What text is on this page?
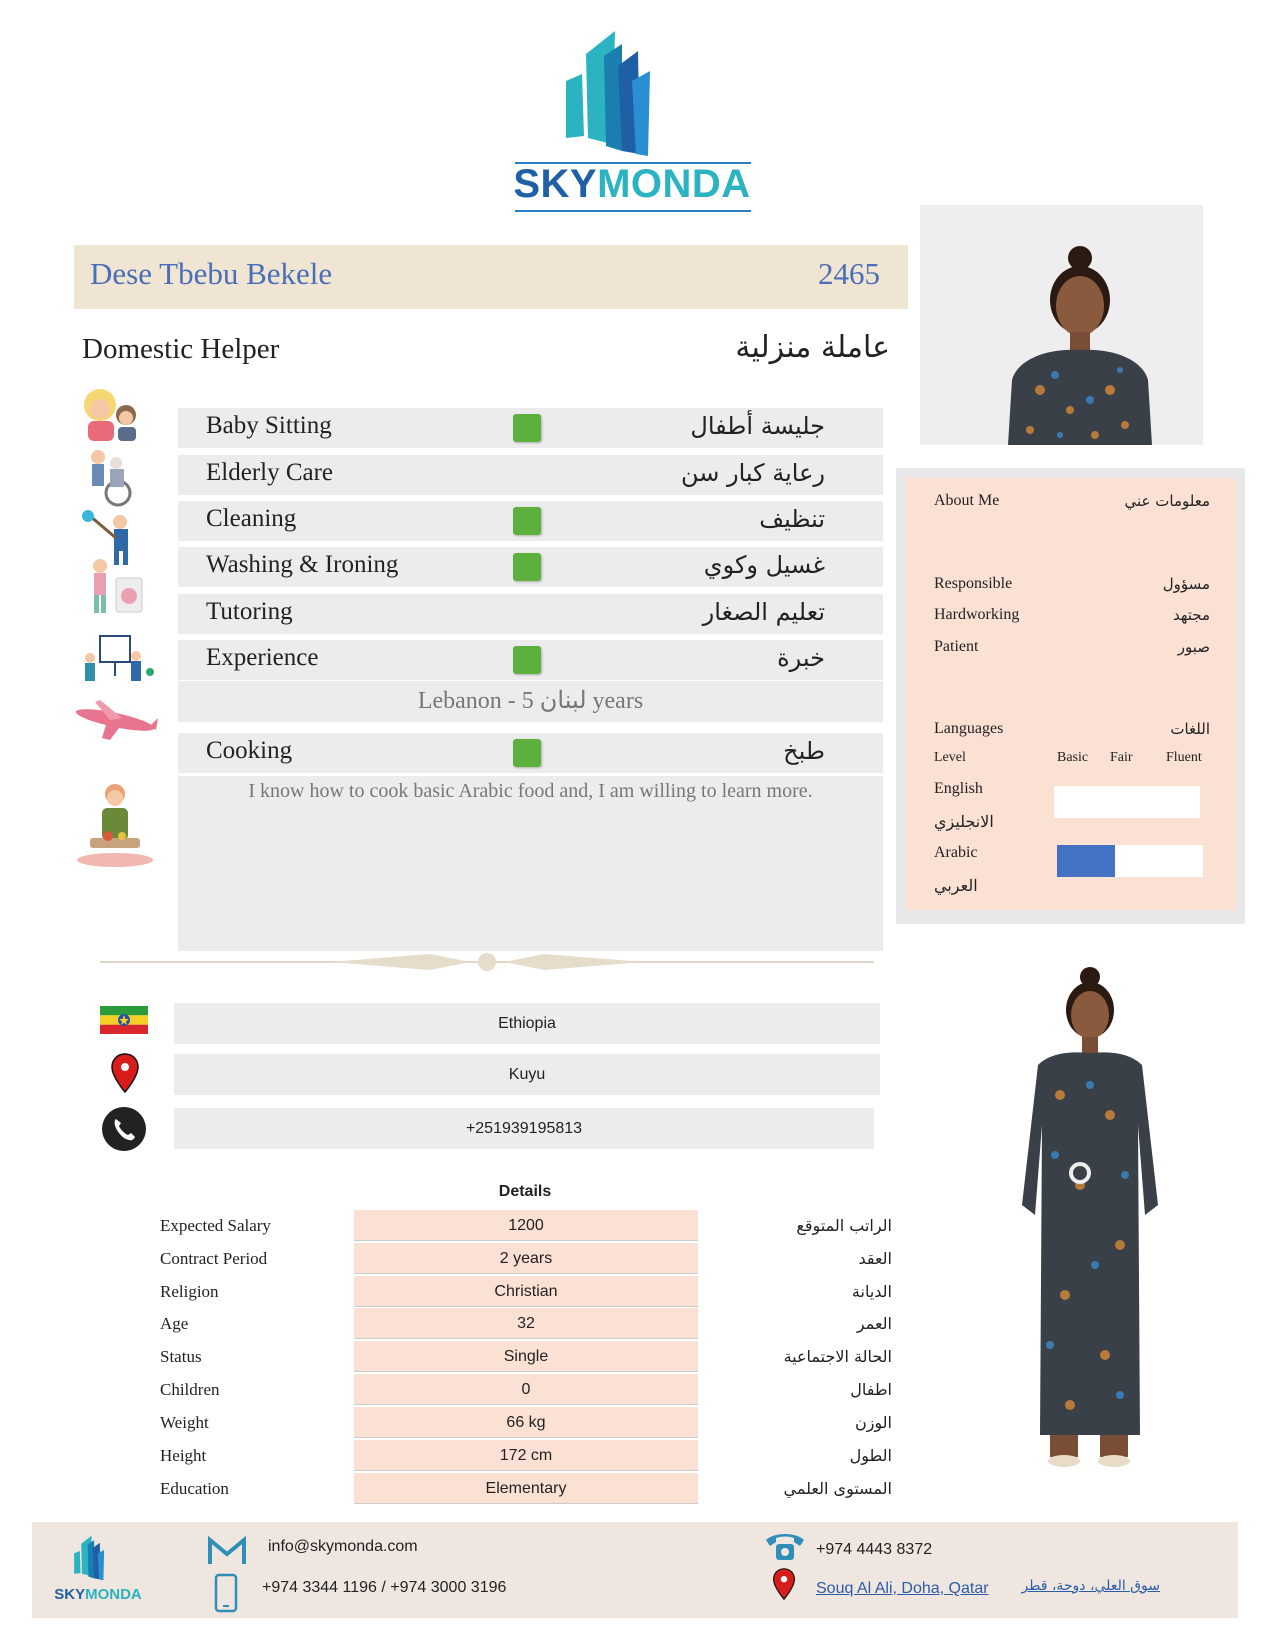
SKYMONDA
Dese Tbebu Bekele	2465
Domestic Helper	عاملة منزلية
Baby Sitting	جليسة أطفال
Elderly Care	رعاية كبار سن
Cleaning	تنظيف
Washing & Ironing	غسيل وكوي
Tutoring	تعليم الصغار
Experience	خبرة
Lebanon - لبنان 5 years
Cooking	طبخ
I know how to cook basic Arabic food and, I am willing to learn more.
Ethiopia
Kuyu
+251939195813
Details
Expected Salary	1200	الراتب المتوقع
Contract Period	2 years	العقد
Religion	Christian	الديانة
Age	32	العمر
Status	Single	الحالة الاجتماعية
Children	0	اطفال
Weight	66 kg	الوزن
Height	172 cm	الطول
Education	Elementary	المستوى العلمي
About Me	معلومات عني
Responsible	مسؤول
Hardworking	مجتهد
Patient	صبور
Languages	اللغات
Level	Basic Fair Fluent
English
الانجليزي
Arabic
العربي
SKYMONDA
info@skymonda.com
+974 3344 1196 / +974 3000 3196
+974 4443 8372
Souq Al Ali, Doha, Qatar سوق العلي، دوحة، قطر
